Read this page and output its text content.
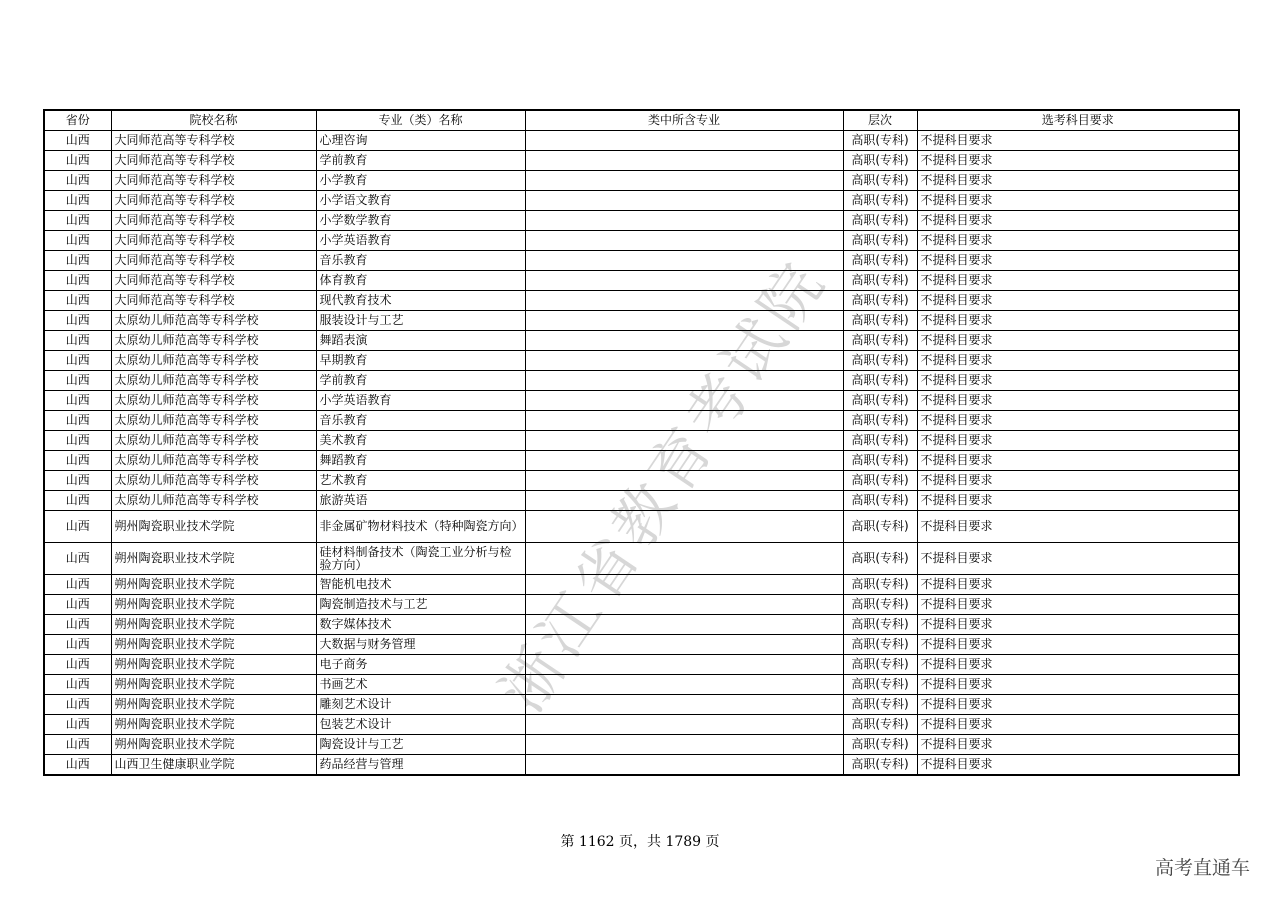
浙江省教育考试院
省份	院校名称	专业（类）名称	类中所含专业	层次	选考科目要求
山西	大同师范高等专科学校	心理咨询		高职(专科)	不提科目要求
山西	大同师范高等专科学校	学前教育		高职(专科)	不提科目要求
山西	大同师范高等专科学校	小学教育		高职(专科)	不提科目要求
山西	大同师范高等专科学校	小学语文教育		高职(专科)	不提科目要求
山西	大同师范高等专科学校	小学数学教育		高职(专科)	不提科目要求
山西	大同师范高等专科学校	小学英语教育		高职(专科)	不提科目要求
山西	大同师范高等专科学校	音乐教育		高职(专科)	不提科目要求
山西	大同师范高等专科学校	体育教育		高职(专科)	不提科目要求
山西	大同师范高等专科学校	现代教育技术		高职(专科)	不提科目要求
山西	太原幼儿师范高等专科学校	服装设计与工艺		高职(专科)	不提科目要求
山西	太原幼儿师范高等专科学校	舞蹈表演		高职(专科)	不提科目要求
山西	太原幼儿师范高等专科学校	早期教育		高职(专科)	不提科目要求
山西	太原幼儿师范高等专科学校	学前教育		高职(专科)	不提科目要求
山西	太原幼儿师范高等专科学校	小学英语教育		高职(专科)	不提科目要求
山西	太原幼儿师范高等专科学校	音乐教育		高职(专科)	不提科目要求
山西	太原幼儿师范高等专科学校	美术教育		高职(专科)	不提科目要求
山西	太原幼儿师范高等专科学校	舞蹈教育		高职(专科)	不提科目要求
山西	太原幼儿师范高等专科学校	艺术教育		高职(专科)	不提科目要求
山西	太原幼儿师范高等专科学校	旅游英语		高职(专科)	不提科目要求
山西	朔州陶瓷职业技术学院	非金属矿物材料技术（特种陶瓷方向）		高职(专科)	不提科目要求
山西	朔州陶瓷职业技术学院	硅材料制备技术（陶瓷工业分析与检验方向）		高职(专科)	不提科目要求
山西	朔州陶瓷职业技术学院	智能机电技术		高职(专科)	不提科目要求
山西	朔州陶瓷职业技术学院	陶瓷制造技术与工艺		高职(专科)	不提科目要求
山西	朔州陶瓷职业技术学院	数字媒体技术		高职(专科)	不提科目要求
山西	朔州陶瓷职业技术学院	大数据与财务管理		高职(专科)	不提科目要求
山西	朔州陶瓷职业技术学院	电子商务		高职(专科)	不提科目要求
山西	朔州陶瓷职业技术学院	书画艺术		高职(专科)	不提科目要求
山西	朔州陶瓷职业技术学院	雕刻艺术设计		高职(专科)	不提科目要求
山西	朔州陶瓷职业技术学院	包装艺术设计		高职(专科)	不提科目要求
山西	朔州陶瓷职业技术学院	陶瓷设计与工艺		高职(专科)	不提科目要求
山西	山西卫生健康职业学院	药品经营与管理		高职(专科)	不提科目要求
第 1162 页，共 1789 页
高考直通车
